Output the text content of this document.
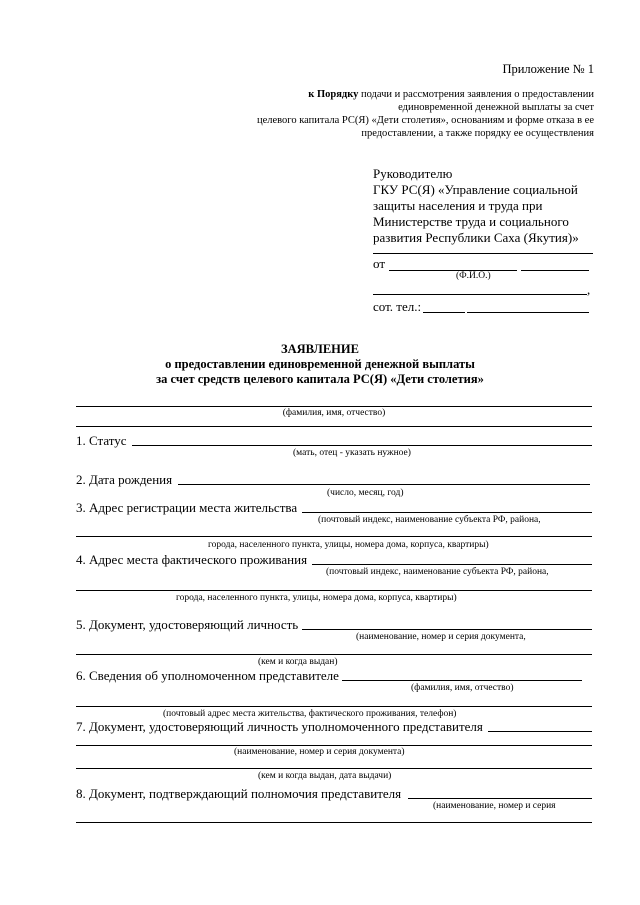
Приложение № 1
к Порядку подачи и рассмотрения заявления о предоставлении
единовременной денежной выплаты за счет
целевого капитала РС(Я) «Дети столетия», основаниям и форме отказа в ее
предоставлении, а также порядку ее осуществления
Руководителю
ГКУ РС(Я) «Управление социальной
защиты населения и труда при
Министерстве труда и социального
развития Республики Саха (Якутия)»
от
(Ф.И.О.)
,
сот. тел.:
ЗАЯВЛЕНИЕ
о предоставлении единовременной денежной выплаты
за счет средств целевого капитала РС(Я) «Дети столетия»
(фамилия, имя, отчество)
1. Статус
(мать, отец - указать нужное)
2. Дата рождения
(число, месяц, год)
3. Адрес регистрации места жительства
(почтовый индекс, наименование субъекта РФ, района,
города, населенного пункта, улицы, номера дома, корпуса, квартиры)
4. Адрес места фактического проживания
(почтовый индекс, наименование субъекта РФ, района,
города, населенного пункта, улицы, номера дома, корпуса, квартиры)
5. Документ, удостоверяющий личность
(наименование, номер и серия документа,
(кем и когда выдан)
6. Сведения об уполномоченном представителе
(фамилия, имя, отчество)
(почтовый адрес места жительства, фактического проживания, телефон)
7. Документ, удостоверяющий личность уполномоченного представителя
(наименование, номер и серия документа)
(кем и когда выдан, дата выдачи)
8. Документ, подтверждающий полномочия представителя
(наименование, номер и серия
